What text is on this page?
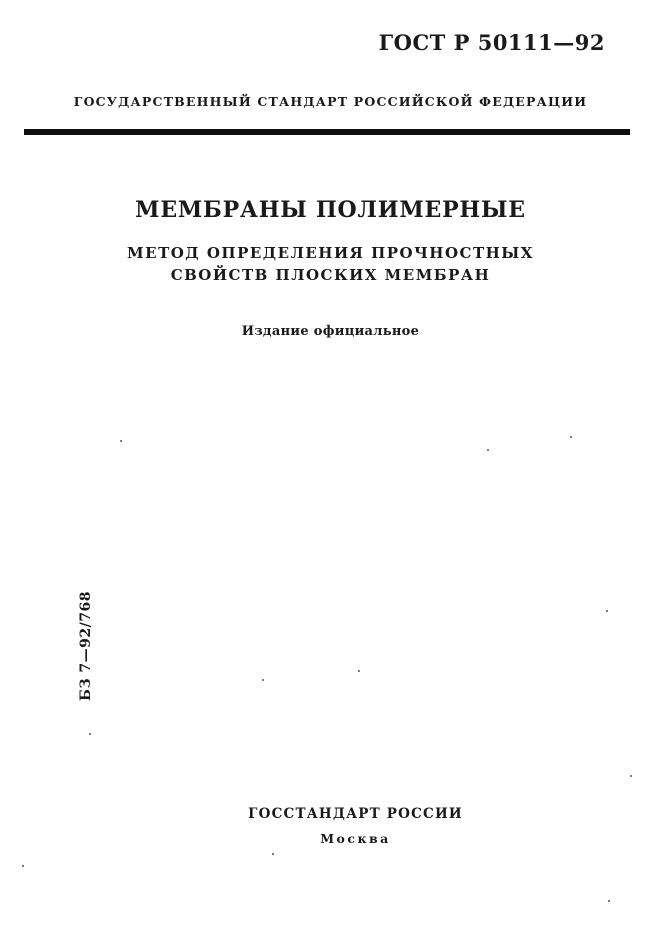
ГОСТ Р 50111—92
ГОСУДАРСТВЕННЫЙ СТАНДАРТ РОССИЙСКОЙ ФЕДЕРАЦИИ
МЕМБРАНЫ ПОЛИМЕРНЫЕ
МЕТОД ОПРЕДЕЛЕНИЯ ПРОЧНОСТНЫХ
СВОЙСТВ ПЛОСКИХ МЕМБРАН
Издание официальное
БЗ 7—92/768
ГОССТАНДАРТ РОССИИ
Москва
